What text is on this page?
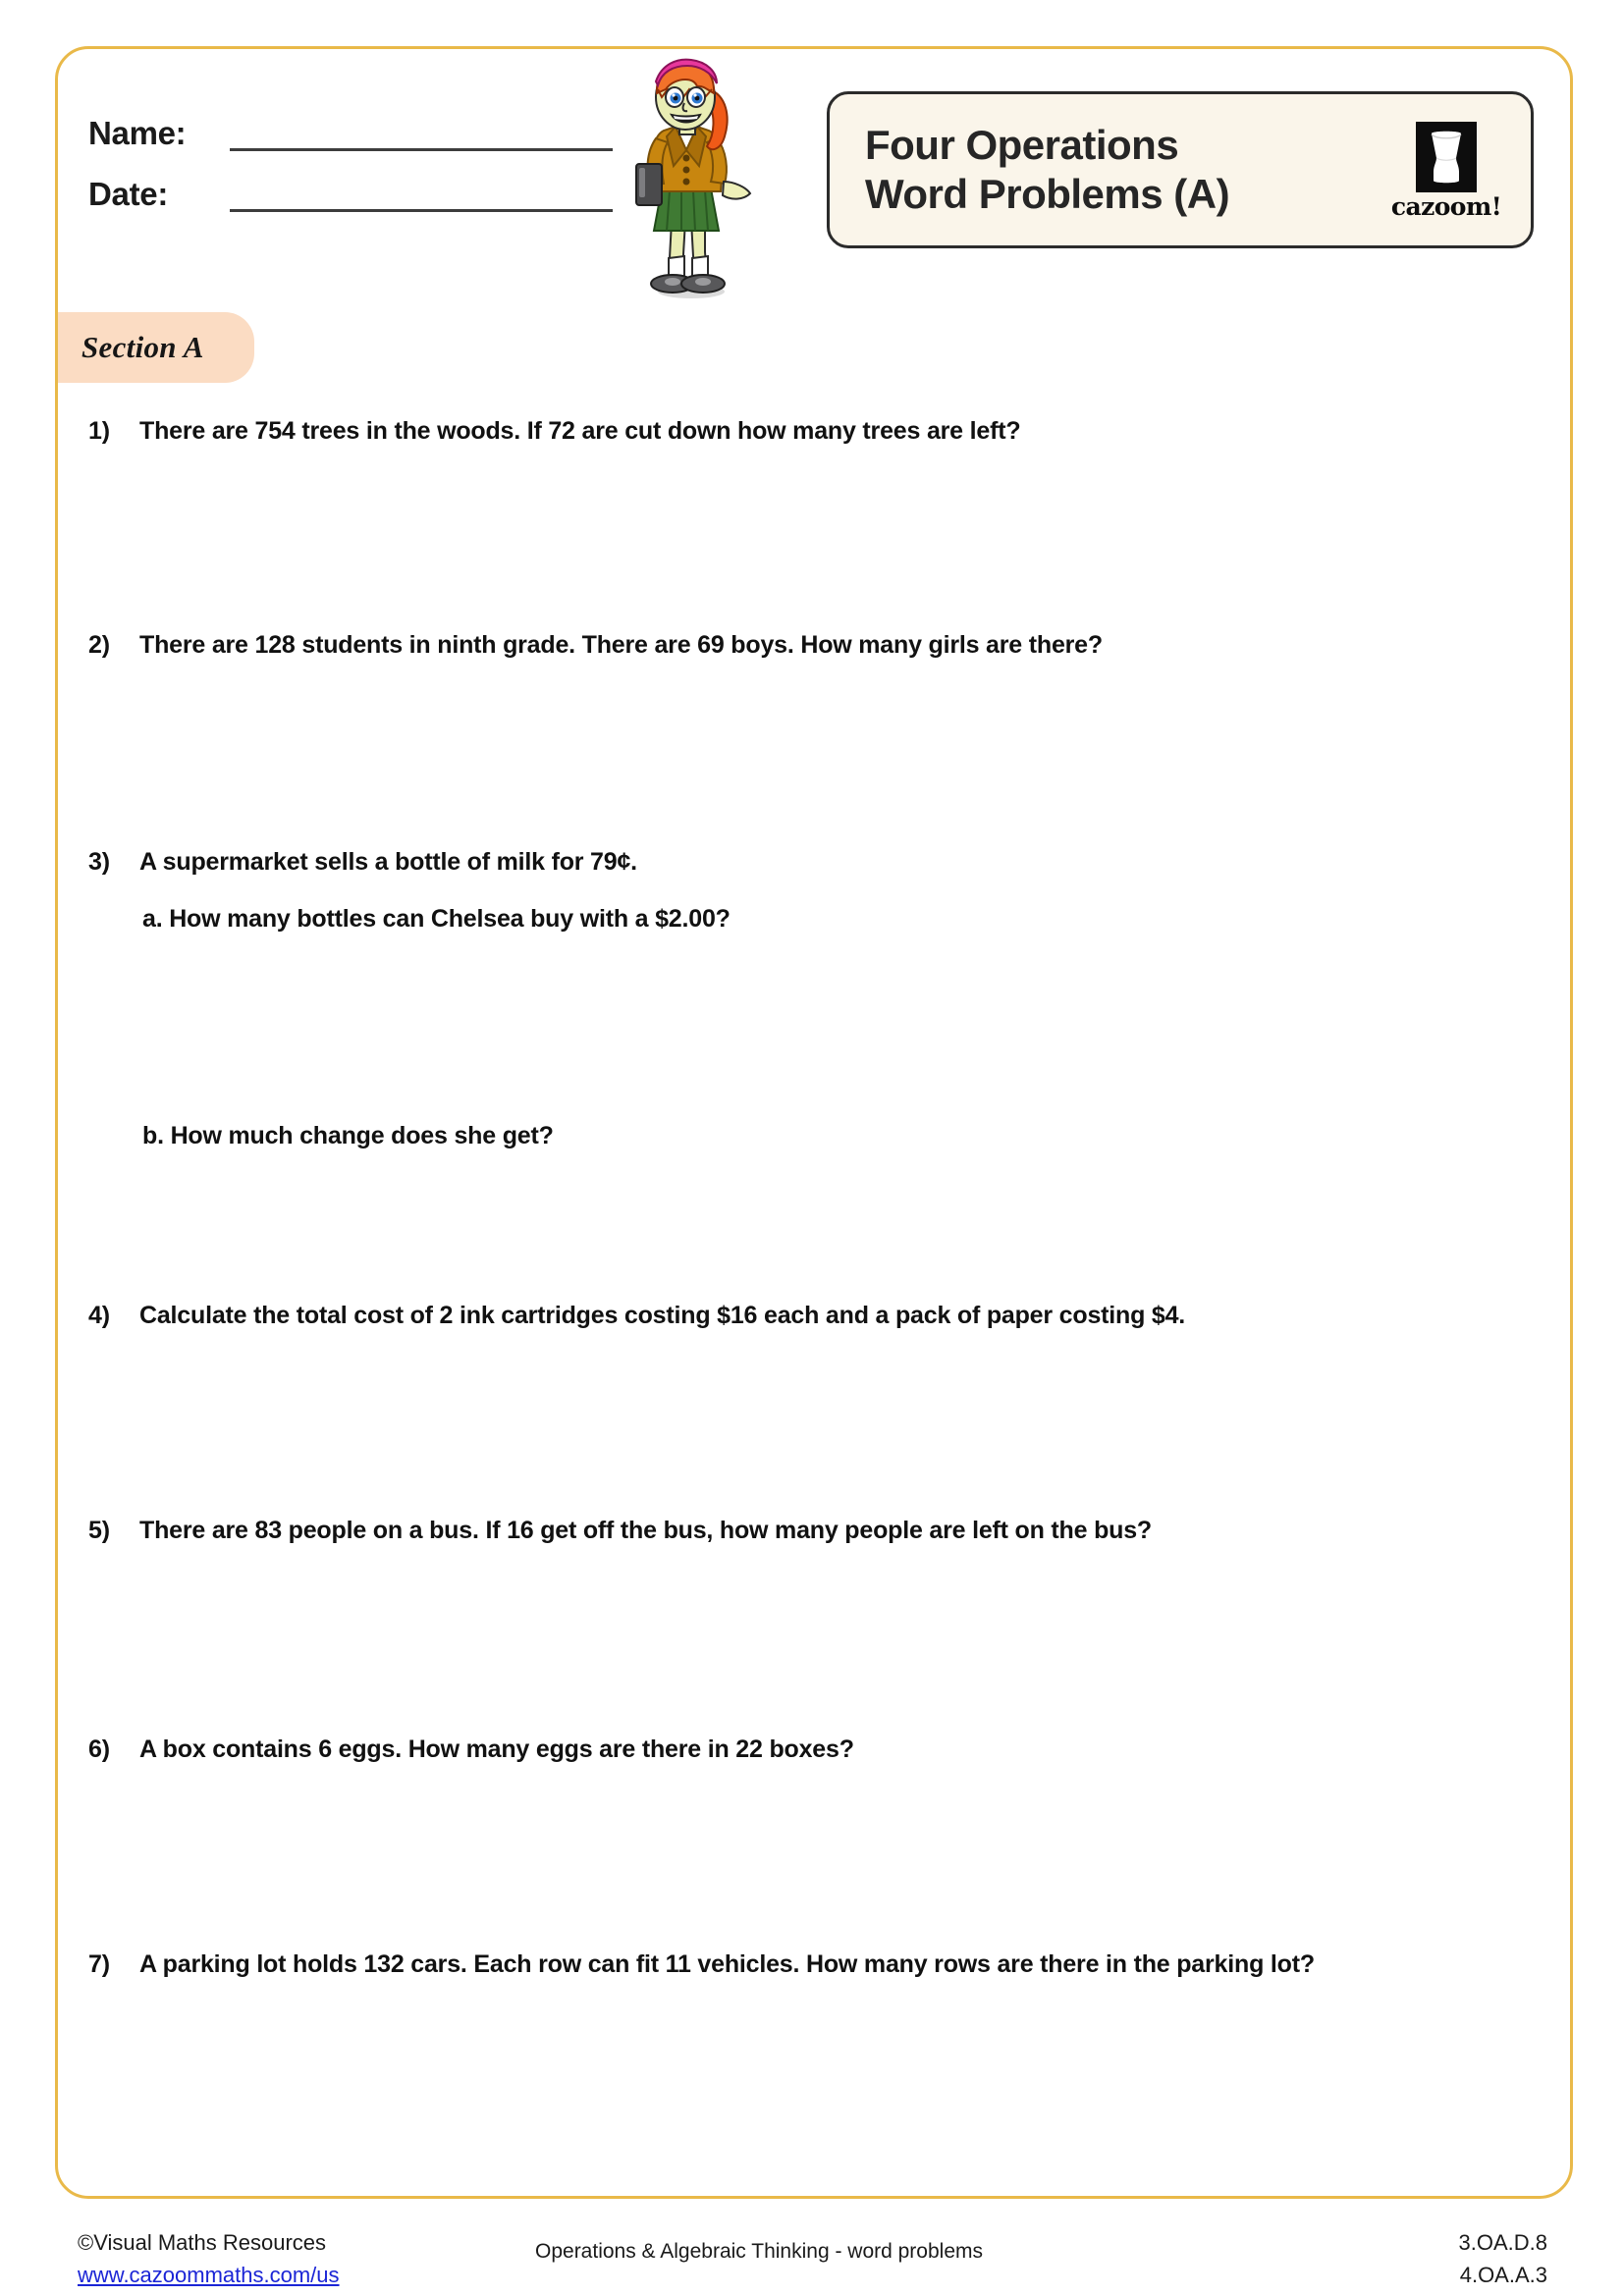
Name:
Date:
Four Operations
Word Problems (A)	cazoom!
Section A
1)	There are 754 trees in the woods. If 72 are cut down how many trees are left?
2)	There are 128 students in ninth grade. There are 69 boys. How many girls are there?
3)	A supermarket sells a bottle of milk for 79¢.
a. How many bottles can Chelsea buy with a $2.00?
b. How much change does she get?
4)	Calculate the total cost of 2 ink cartridges costing $16 each and a pack of paper costing $4.
5)	There are 83 people on a bus. If 16 get off the bus, how many people are left on the bus?
6)	A box contains 6 eggs. How many eggs are there in 22 boxes?
7)	A parking lot holds 132 cars. Each row can fit 11 vehicles. How many rows are there in the parking lot?
©Visual Maths Resources
www.cazoommaths.com/us
Operations & Algebraic Thinking - word problems	3.OA.D.8
4.OA.A.3
